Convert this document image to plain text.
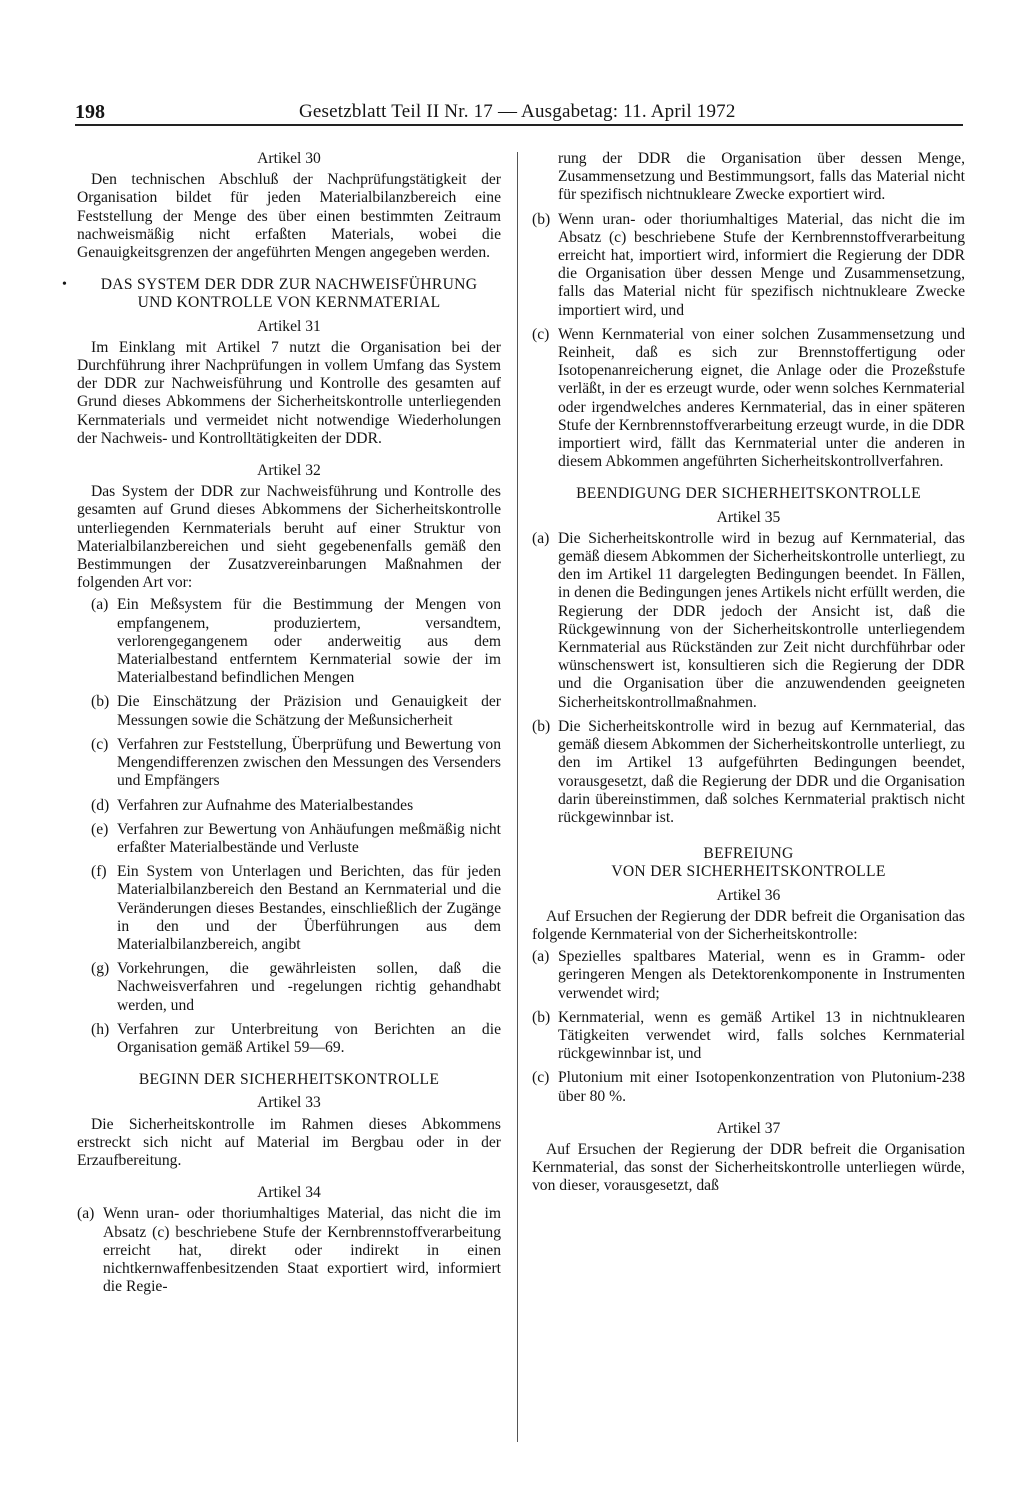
198	Gesetzblatt Teil II Nr. 17 — Ausgabetag: 11. April 1972
Artikel 30

Den technischen Abschluß der Nachprüfungstätigkeit der Organisation bildet für jeden Materialbilanzbereich eine Feststellung der Menge des über einen bestimmten Zeitraum nachweismäßig nicht erfaßten Materials, wobei die Genauigkeitsgrenzen der angeführten Mengen angegeben werden.

•	DAS SYSTEM DER DDR ZUR NACHWEISFÜHRUNG
UND KONTROLLE VON KERNMATERIAL
Artikel 31

Im Einklang mit Artikel 7 nutzt die Organisation bei der Durchführung ihrer Nachprüfungen in vollem Umfang das System der DDR zur Nachweisführung und Kontrolle des gesamten auf Grund dieses Abkommens der Sicherheitskontrolle unterliegenden Kernmaterials und vermeidet nicht notwendige Wiederholungen der Nachweis- und Kontrolltätigkeiten der DDR.

Artikel 32

Das System der DDR zur Nachweisführung und Kontrolle des gesamten auf Grund dieses Abkommens der Sicherheitskontrolle unterliegenden Kernmaterials beruht auf einer Struktur von Materialbilanzbereichen und sieht gegebenenfalls gemäß den Bestimmungen der Zusatzvereinbarungen Maßnahmen der folgenden Art vor:

(a) Ein Meßsystem für die Bestimmung der Mengen von empfangenem, produziertem, versandtem, verlorengegangenem oder anderweitig aus dem Materialbestand entferntem Kernmaterial sowie der im Materialbestand befindlichen Mengen
(b) Die Einschätzung der Präzision und Genauigkeit der Messungen sowie die Schätzung der Meßunsicherheit
(c) Verfahren zur Feststellung, Überprüfung und Bewertung von Mengendifferenzen zwischen den Messungen des Versenders und Empfängers
(d) Verfahren zur Aufnahme des Materialbestandes
(e) Verfahren zur Bewertung von Anhäufungen meßmäßig nicht erfaßter Materialbestände und Verluste
(f) Ein System von Unterlagen und Berichten, das für jeden Materialbilanzbereich den Bestand an Kernmaterial und die Veränderungen dieses Bestandes, einschließlich der Zugänge in den und der Überführungen aus dem Materialbilanzbereich, angibt
(g) Vorkehrungen, die gewährleisten sollen, daß die Nachweisverfahren und -regelungen richtig gehandhabt werden, und
(h) Verfahren zur Unterbreitung von Berichten an die Organisation gemäß Artikel 59—69.
BEGINN DER SICHERHEITSKONTROLLE
Artikel 33

Die Sicherheitskontrolle im Rahmen dieses Abkommens erstreckt sich nicht auf Material im Bergbau oder in der Erzaufbereitung.

Artikel 34
(a) Wenn uran- oder thoriumhaltiges Material, das nicht die im Absatz (c) beschriebene Stufe der Kernbrennstoffverarbeitung erreicht hat, direkt oder indirekt in einen nichtkernwaffenbesitzenden Staat exportiert wird, informiert die Regie-
rung der DDR die Organisation über dessen Menge, Zusammensetzung und Bestimmungsort, falls das Material nicht für spezifisch nichtnukleare Zwecke exportiert wird.
(b) Wenn uran- oder thoriumhaltiges Material, das nicht die im Absatz (c) beschriebene Stufe der Kernbrennstoffverarbeitung erreicht hat, importiert wird, informiert die Regierung der DDR die Organisation über dessen Menge und Zusammensetzung, falls das Material nicht für spezifisch nichtnukleare Zwecke importiert wird, und
(c) Wenn Kernmaterial von einer solchen Zusammensetzung und Reinheit, daß es sich zur Brennstoffertigung oder Isotopenanreicherung eignet, die Anlage oder die Prozeßstufe verläßt, in der es erzeugt wurde, oder wenn solches Kernmaterial oder irgendwelches anderes Kernmaterial, das in einer späteren Stufe der Kernbrennstoffverarbeitung erzeugt wurde, in die DDR importiert wird, fällt das Kernmaterial unter die anderen in diesem Abkommen angeführten Sicherheitskontrollverfahren.
BEENDIGUNG DER SICHERHEITSKONTROLLE
Artikel 35
(a) Die Sicherheitskontrolle wird in bezug auf Kernmaterial, das gemäß diesem Abkommen der Sicherheitskontrolle unterliegt, zu den im Artikel 11 dargelegten Bedingungen beendet. In Fällen, in denen die Bedingungen jenes Artikels nicht erfüllt werden, die Regierung der DDR jedoch der Ansicht ist, daß die Rückgewinnung von der Sicherheitskontrolle unterliegendem Kernmaterial aus Rückständen zur Zeit nicht durchführbar oder wünschenswert ist, konsultieren sich die Regierung der DDR und die Organisation über die anzuwendenden geeigneten Sicherheitskontrollmaßnahmen.
(b) Die Sicherheitskontrolle wird in bezug auf Kernmaterial, das gemäß diesem Abkommen der Sicherheitskontrolle unterliegt, zu den im Artikel 13 aufgeführten Bedingungen beendet, vorausgesetzt, daß die Regierung der DDR und die Organisation darin übereinstimmen, daß solches Kernmaterial praktisch nicht rückgewinnbar ist.
BEFREIUNG
VON DER SICHERHEITSKONTROLLE
Artikel 36

Auf Ersuchen der Regierung der DDR befreit die Organisation das folgende Kernmaterial von der Sicherheitskontrolle:

(a) Spezielles spaltbares Material, wenn es in Gramm- oder geringeren Mengen als Detektorenkomponente in Instrumenten verwendet wird;
(b) Kernmaterial, wenn es gemäß Artikel 13 in nichtnuklearen Tätigkeiten verwendet wird, falls solches Kernmaterial rückgewinnbar ist, und
(c) Plutonium mit einer Isotopenkonzentration von Plutonium-238 über 80 %.
Artikel 37

Auf Ersuchen der Regierung der DDR befreit die Organisation Kernmaterial, das sonst der Sicherheitskontrolle unterliegen würde, von dieser, vorausgesetzt, daß
